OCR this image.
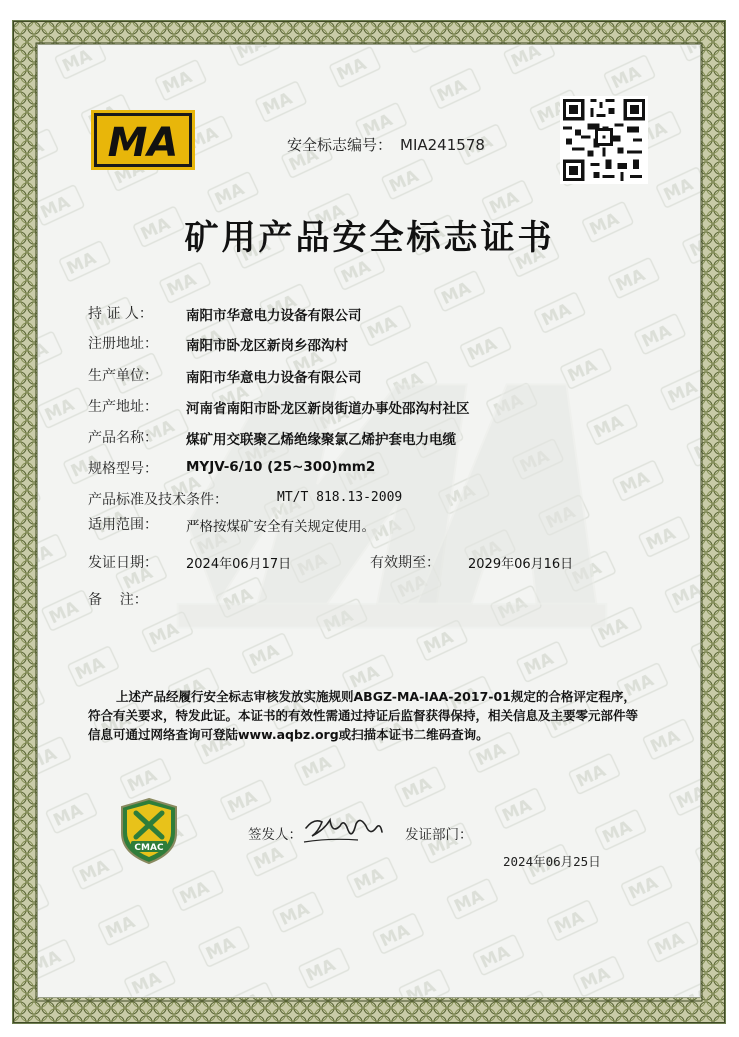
MA	安全标志编号： MIA241578
矿用产品安全标志证书
持 证 人： 南阳市华意电力设备有限公司
注册地址： 南阳市卧龙区新岗乡邵沟村
生产单位： 南阳市华意电力设备有限公司
生产地址： 河南省南阳市卧龙区新岗街道办事处邵沟村社区
产品名称： 煤矿用交联聚乙烯绝缘聚氯乙烯护套电力电缆
规格型号： MYJV-6/10 (25~300)mm2
产品标准及技术条件：	MT/T 818.13-2009
适用范围： 严格按煤矿安全有关规定使用。
发证日期： 2024年06月17日	有效期至： 2029年06月16日
备    注：
上述产品经履行安全标志审核发放实施规则ABGZ-MA-IAA-2017-01规定的合格评定程序，符合有关要求，特发此证。本证书的有效性需通过持证后监督获得保持，相关信息及主要零元部件等信息可通过网络查询可登陆www.aqbz.org或扫描本证书二维码查询。
CMAC
签发人：	发证部门：
2024年06月25日
